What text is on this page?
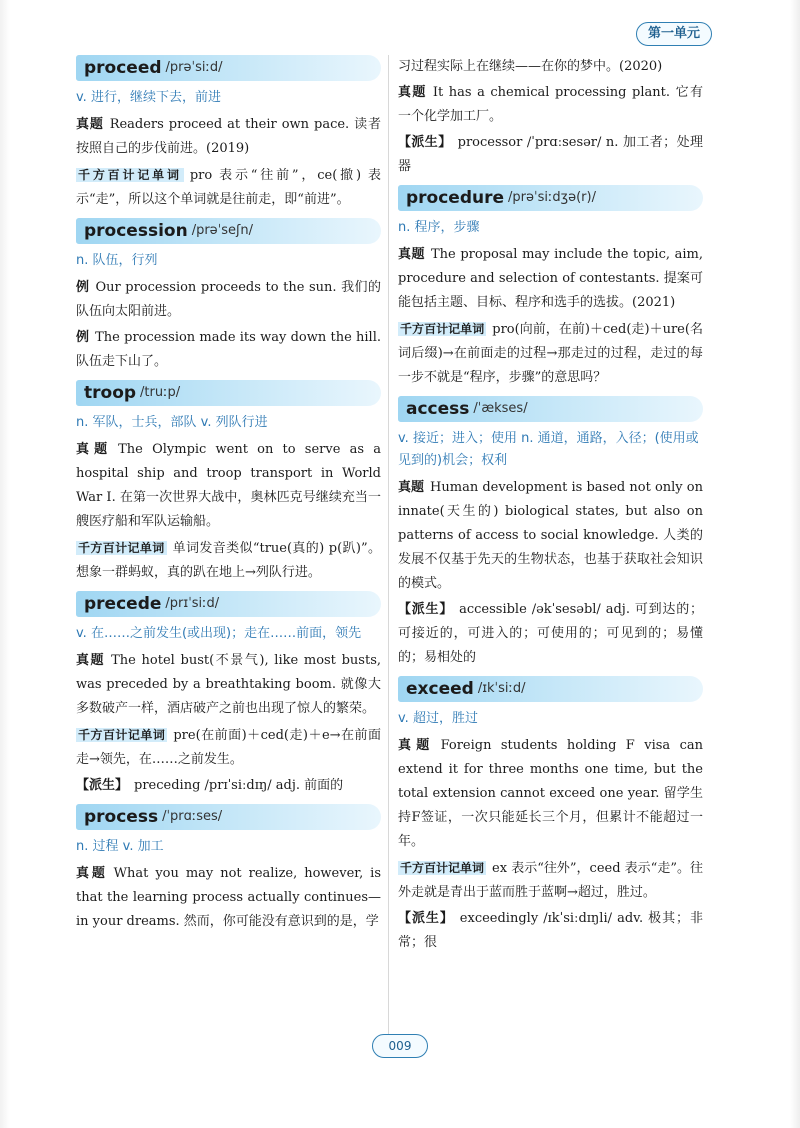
第一单元
proceed /prəˈsiːd/
v. 进行，继续下去，前进
真题 Readers proceed at their own pace. 读者按照自己的步伐前进。(2019)
千方百计记单词 pro 表示“往前”，ce(撤) 表示“走”，所以这个单词就是往前走，即“前进”。
procession /prəˈseʃn/
n. 队伍，行列
例 Our procession proceeds to the sun. 我们的队伍向太阳前进。
例 The procession made its way down the hill. 队伍走下山了。
troop /truːp/
n. 军队，士兵，部队 v. 列队行进
真题 The Olympic went on to serve as a hospital ship and troop transport in World War Ⅰ. 在第一次世界大战中，奥林匹克号继续充当一艘医疗船和军队运输船。
千方百计记单词 单词发音类似“true(真的) p(趴)”。想象一群蚂蚁，真的趴在地上→列队行进。
precede /prɪˈsiːd/
v. 在……之前发生(或出现)；走在……前面，领先
真题 The hotel bust(不景气), like most busts, was preceded by a breathtaking boom. 就像大多数破产一样，酒店破产之前也出现了惊人的繁荣。
千方百计记单词 pre(在前面)＋ced(走)＋e→在前面走→领先，在……之前发生。
【派生】 preceding /prɪˈsiːdɪŋ/ adj. 前面的
process /ˈprɑːses/
n. 过程 v. 加工
真题 What you may not realize, however, is that the learning process actually continues—in your dreams. 然而，你可能没有意识到的是，学
习过程实际上在继续——在你的梦中。(2020)
真题 It has a chemical processing plant. 它有一个化学加工厂。
【派生】 processor /ˈprɑːsesər/ n. 加工者；处理器
procedure /prəˈsiːdʒə(r)/
n. 程序，步骤
真题 The proposal may include the topic, aim, procedure and selection of contestants. 提案可能包括主题、目标、程序和选手的选拔。(2021)
千方百计记单词 pro(向前，在前)＋ced(走)＋ure(名词后缀)→在前面走的过程→那走过的过程，走过的每一步不就是“程序，步骤”的意思吗？
access /ˈækses/
v. 接近；进入；使用 n. 通道，通路，入径；(使用或见到的)机会；权利
真题 Human development is based not only on innate(天生的) biological states, but also on patterns of access to social knowledge. 人类的发展不仅基于先天的生物状态，也基于获取社会知识的模式。
【派生】 accessible /əkˈsesəbl/ adj. 可到达的；可接近的，可进入的；可使用的；可见到的；易懂的；易相处的
exceed /ɪkˈsiːd/
v. 超过，胜过
真题 Foreign students holding F visa can extend it for three months one time, but the total extension cannot exceed one year. 留学生持F签证，一次只能延长三个月，但累计不能超过一年。
千方百计记单词 ex 表示“往外”，ceed 表示“走”。往外走就是青出于蓝而胜于蓝啊→超过，胜过。
【派生】 exceedingly /ɪkˈsiːdɪŋli/ adv. 极其；非常；很
009
